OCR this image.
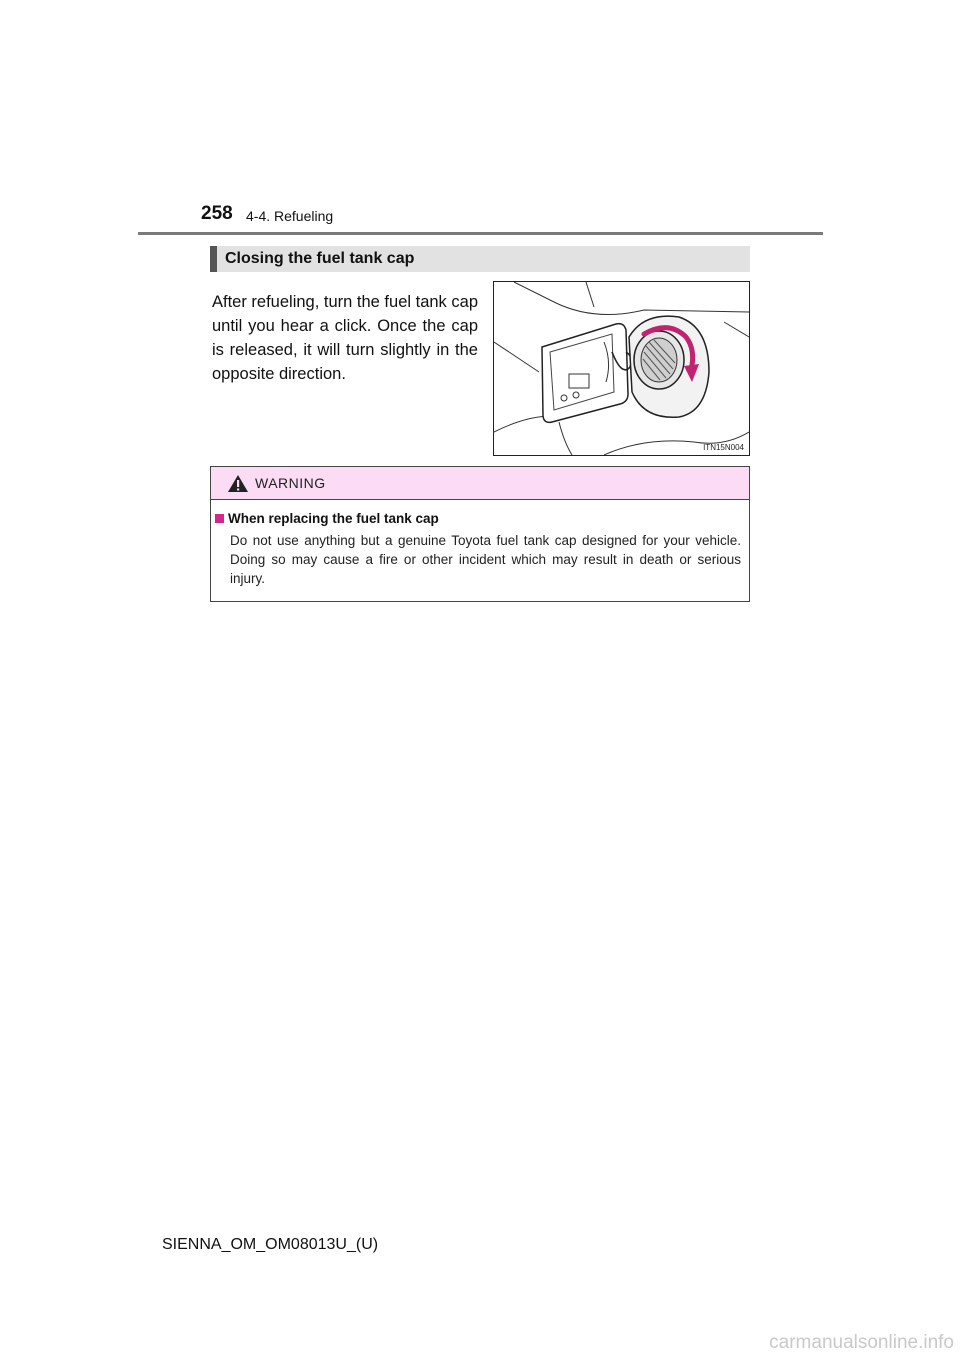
258 4-4. Refueling
Closing the fuel tank cap
After refueling, turn the fuel tank cap until you hear a click. Once the cap is released, it will turn slightly in the opposite direction.
ITN15N004
WARNING
When replacing the fuel tank cap
Do not use anything but a genuine Toyota fuel tank cap designed for your vehicle. Doing so may cause a fire or other incident which may result in death or serious injury.
SIENNA_OM_OM08013U_(U)
carmanualsonline.info
